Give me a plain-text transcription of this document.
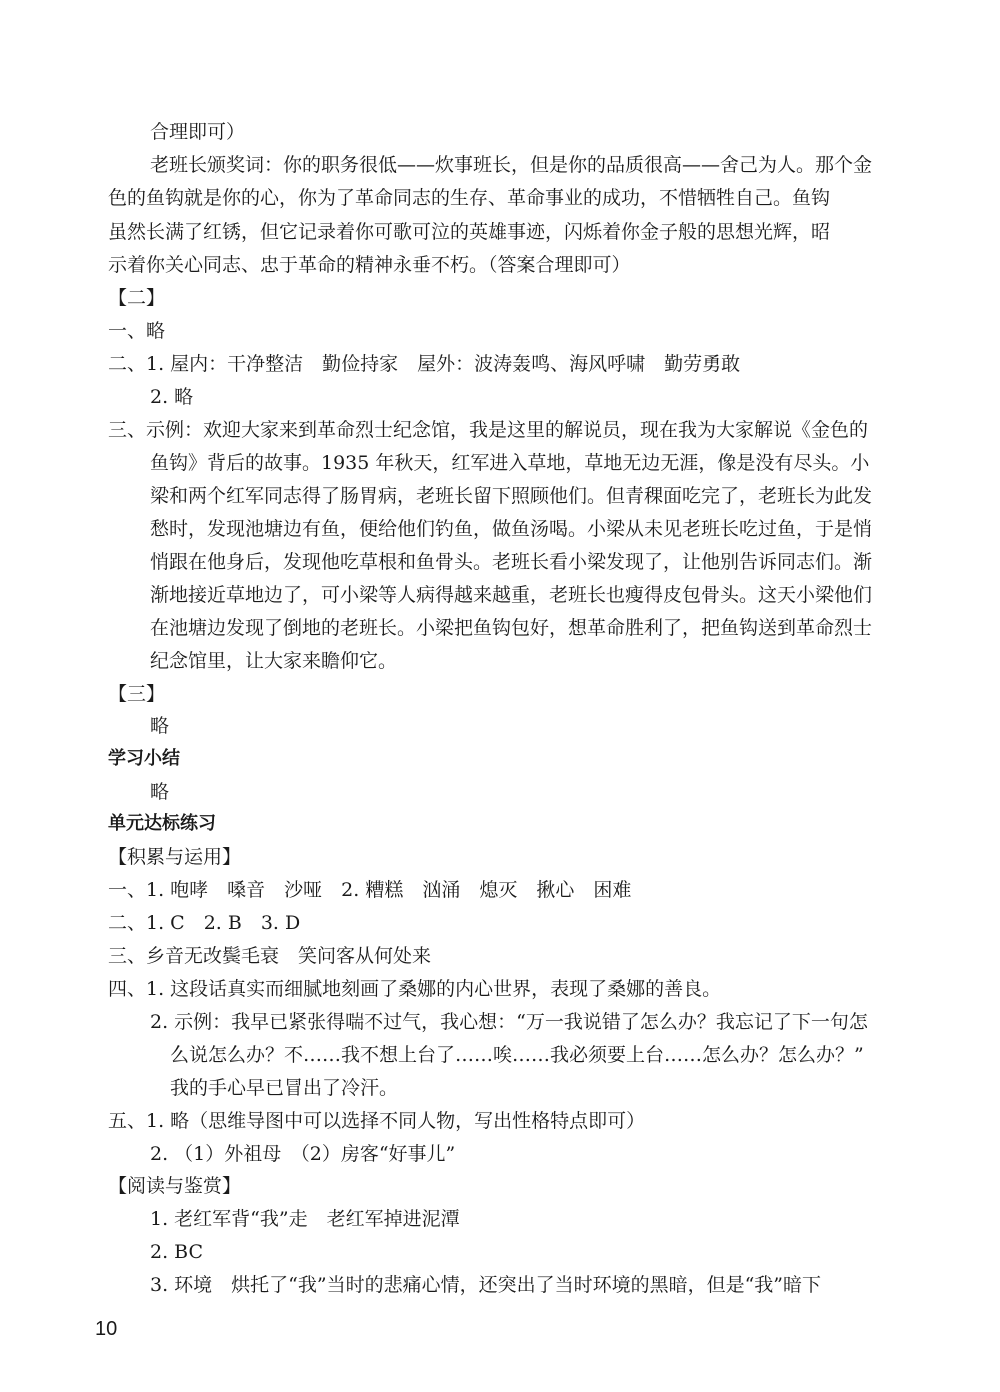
合理即可）
老班长颁奖词：你的职务很低——炊事班长，但是你的品质很高——舍己为人。那个金
色的鱼钩就是你的心，你为了革命同志的生存、革命事业的成功，不惜牺牲自己。鱼钩
虽然长满了红锈，但它记录着你可歌可泣的英雄事迹，闪烁着你金子般的思想光辉，昭
示着你关心同志、忠于革命的精神永垂不朽。（答案合理即可）
【二】
一、略
二、1. 屋内：干净整洁　勤俭持家　屋外：波涛轰鸣、海风呼啸　勤劳勇敢
2. 略
三、示例：欢迎大家来到革命烈士纪念馆，我是这里的解说员，现在我为大家解说《金色的
鱼钩》背后的故事。1935 年秋天，红军进入草地，草地无边无涯，像是没有尽头。小
梁和两个红军同志得了肠胃病，老班长留下照顾他们。但青稞面吃完了，老班长为此发
愁时，发现池塘边有鱼，便给他们钓鱼，做鱼汤喝。小梁从未见老班长吃过鱼，于是悄
悄跟在他身后，发现他吃草根和鱼骨头。老班长看小梁发现了，让他别告诉同志们。渐
渐地接近草地边了，可小梁等人病得越来越重，老班长也瘦得皮包骨头。这天小梁他们
在池塘边发现了倒地的老班长。小梁把鱼钩包好，想革命胜利了，把鱼钩送到革命烈士
纪念馆里，让大家来瞻仰它。
【三】
略
学习小结
略
单元达标练习
【积累与运用】
一、1. 咆哮　嗓音　沙哑　2. 糟糕　汹涌　熄灭　揪心　困难
二、1. C　2. B　3. D
三、乡音无改鬓毛衰　笑问客从何处来
四、1. 这段话真实而细腻地刻画了桑娜的内心世界，表现了桑娜的善良。
2. 示例：我早已紧张得喘不过气，我心想：“万一我说错了怎么办？我忘记了下一句怎
么说怎么办？不……我不想上台了……唉……我必须要上台……怎么办？怎么办？”
我的手心早已冒出了冷汗。
五、1. 略（思维导图中可以选择不同人物，写出性格特点即可）
2. （1）外祖母　（2）房客“好事儿”
【阅读与鉴赏】
1. 老红军背“我”走　老红军掉进泥潭
2. BC
3. 环境　烘托了“我”当时的悲痛心情，还突出了当时环境的黑暗，但是“我”暗下
10
